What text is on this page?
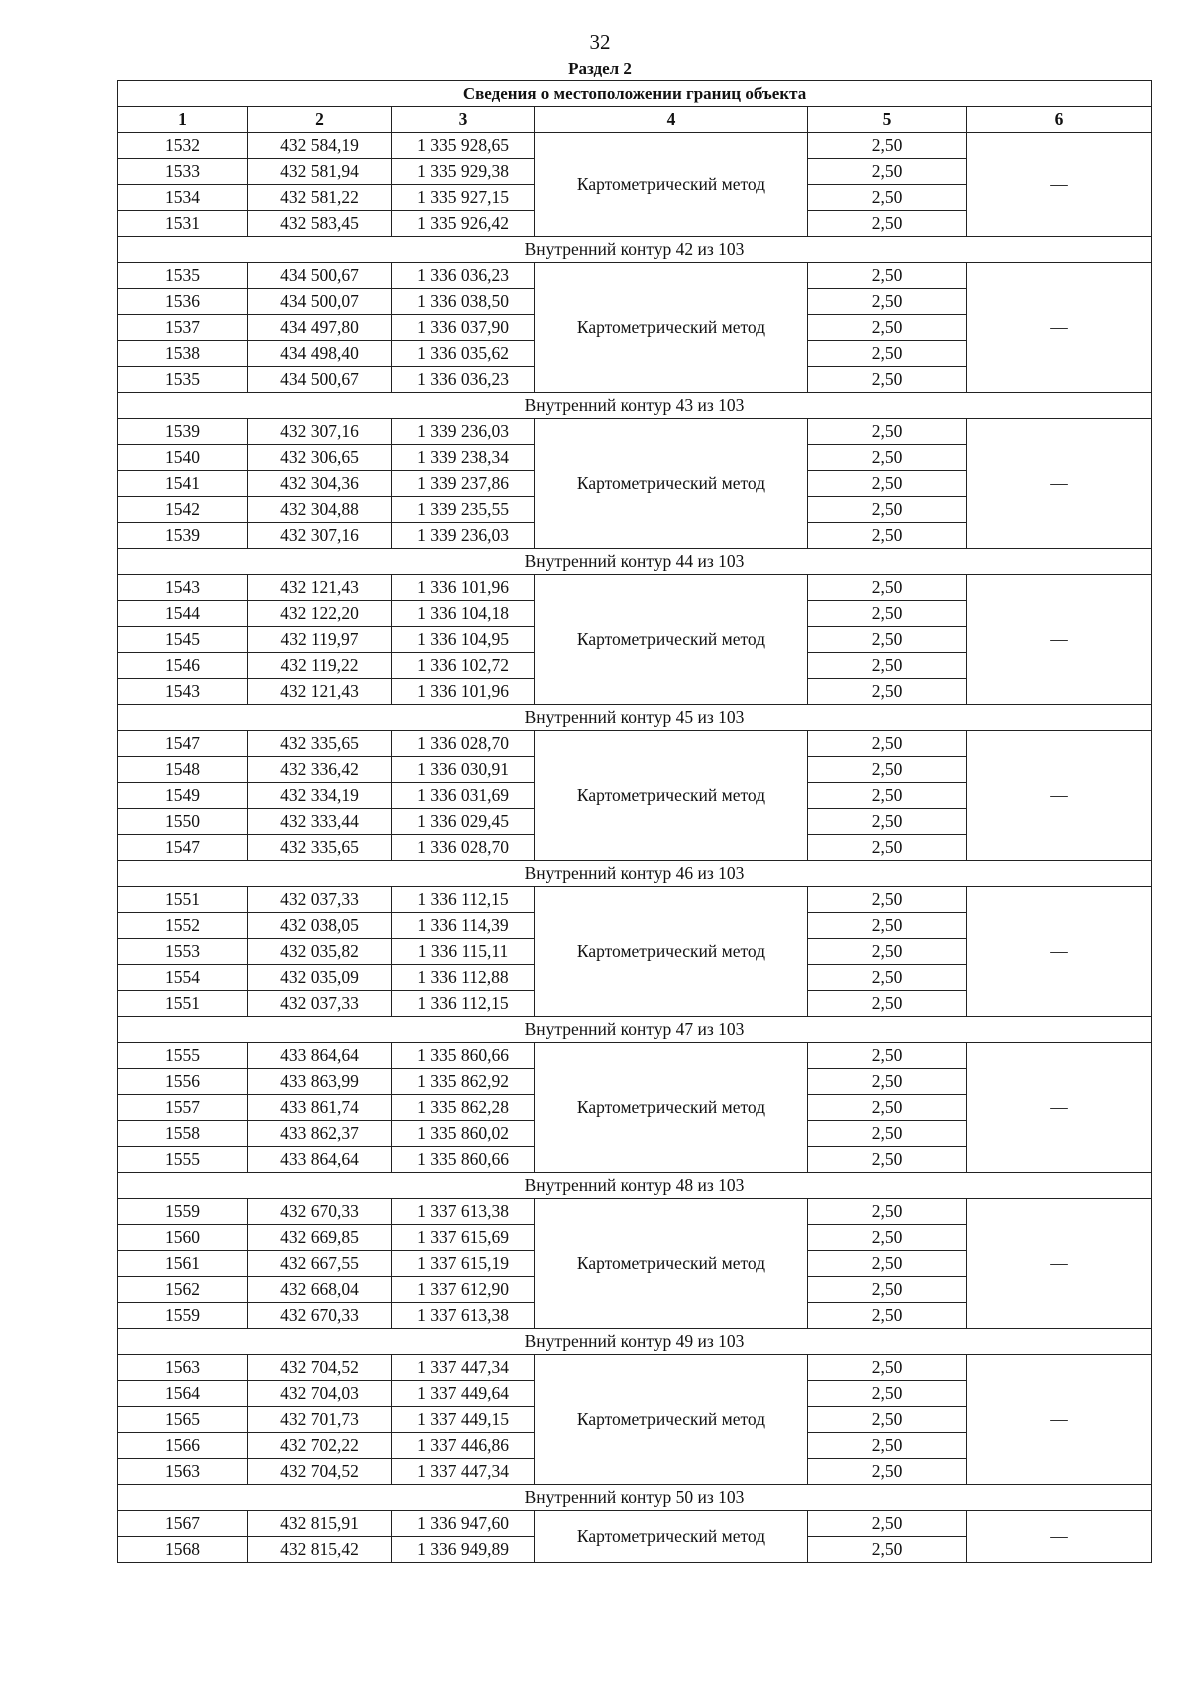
32
Раздел 2
Сведения о местоположении границ объекта					
1	2	3	4	5	6
1532	432 584,19	1 335 928,65	Картометрический метод	2,50	—
1533	432 581,94	1 335 929,38		2,50	
1534	432 581,22	1 335 927,15		2,50	
1531	432 583,45	1 335 926,42		2,50	
Внутренний контур 42 из 103					
1535	434 500,67	1 336 036,23	Картометрический метод	2,50	—
1536	434 500,07	1 336 038,50		2,50	
1537	434 497,80	1 336 037,90		2,50	
1538	434 498,40	1 336 035,62		2,50	
1535	434 500,67	1 336 036,23		2,50	
Внутренний контур 43 из 103					
1539	432 307,16	1 339 236,03	Картометрический метод	2,50	—
1540	432 306,65	1 339 238,34		2,50	
1541	432 304,36	1 339 237,86		2,50	
1542	432 304,88	1 339 235,55		2,50	
1539	432 307,16	1 339 236,03		2,50	
Внутренний контур 44 из 103					
1543	432 121,43	1 336 101,96	Картометрический метод	2,50	—
1544	432 122,20	1 336 104,18		2,50	
1545	432 119,97	1 336 104,95		2,50	
1546	432 119,22	1 336 102,72		2,50	
1543	432 121,43	1 336 101,96		2,50	
Внутренний контур 45 из 103					
1547	432 335,65	1 336 028,70	Картометрический метод	2,50	—
1548	432 336,42	1 336 030,91		2,50	
1549	432 334,19	1 336 031,69		2,50	
1550	432 333,44	1 336 029,45		2,50	
1547	432 335,65	1 336 028,70		2,50	
Внутренний контур 46 из 103					
1551	432 037,33	1 336 112,15	Картометрический метод	2,50	—
1552	432 038,05	1 336 114,39		2,50	
1553	432 035,82	1 336 115,11		2,50	
1554	432 035,09	1 336 112,88		2,50	
1551	432 037,33	1 336 112,15		2,50	
Внутренний контур 47 из 103					
1555	433 864,64	1 335 860,66	Картометрический метод	2,50	—
1556	433 863,99	1 335 862,92		2,50	
1557	433 861,74	1 335 862,28		2,50	
1558	433 862,37	1 335 860,02		2,50	
1555	433 864,64	1 335 860,66		2,50	
Внутренний контур 48 из 103					
1559	432 670,33	1 337 613,38	Картометрический метод	2,50	—
1560	432 669,85	1 337 615,69		2,50	
1561	432 667,55	1 337 615,19		2,50	
1562	432 668,04	1 337 612,90		2,50	
1559	432 670,33	1 337 613,38		2,50	
Внутренний контур 49 из 103					
1563	432 704,52	1 337 447,34	Картометрический метод	2,50	—
1564	432 704,03	1 337 449,64		2,50	
1565	432 701,73	1 337 449,15		2,50	
1566	432 702,22	1 337 446,86		2,50	
1563	432 704,52	1 337 447,34		2,50	
Внутренний контур 50 из 103					
1567	432 815,91	1 336 947,60	Картометрический метод	2,50	—
1568	432 815,42	1 336 949,89		2,50	
